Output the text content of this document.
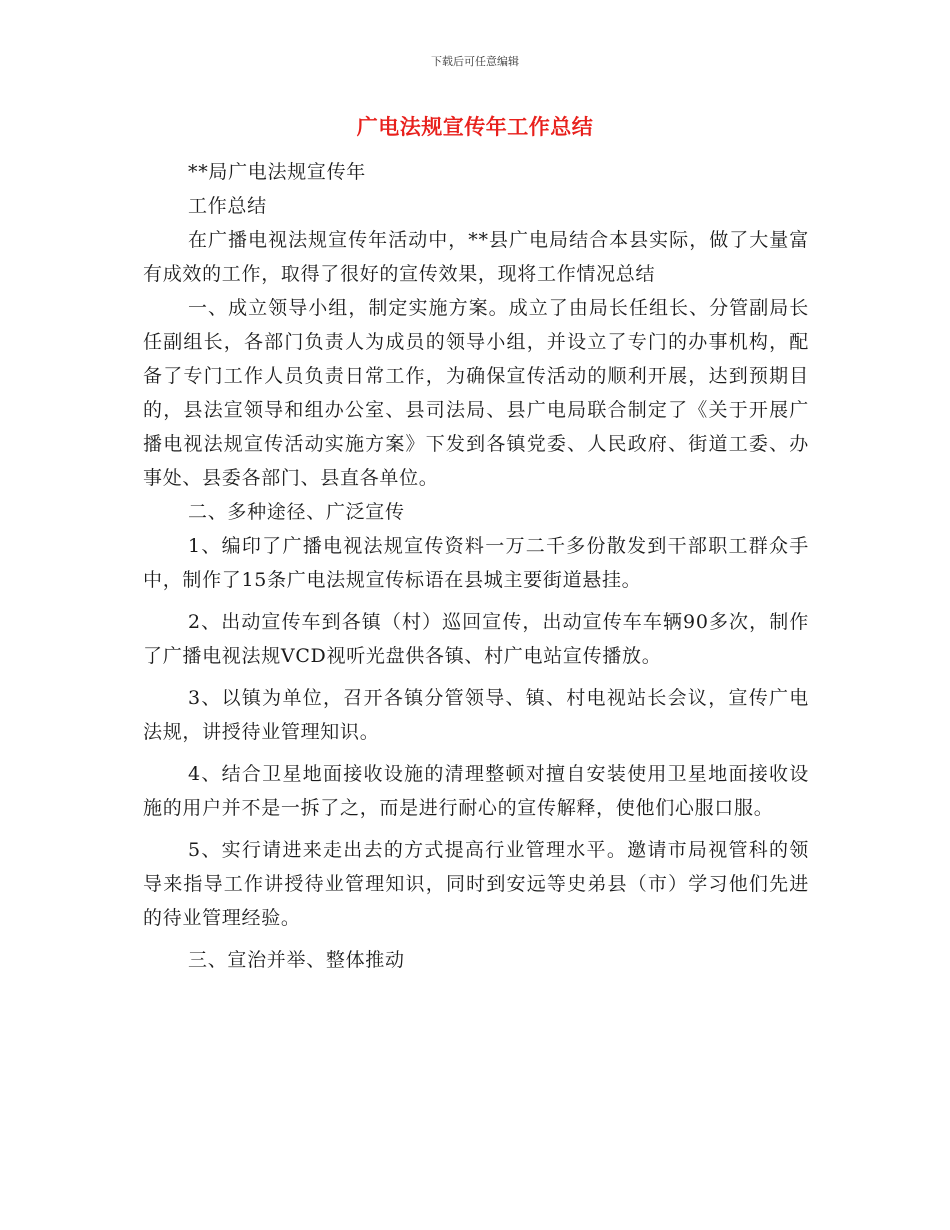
下载后可任意编辑
广电法规宣传年工作总结

**局广电法规宣传年

工作总结

在广播电视法规宣传年活动中，**县广电局结合本县实际，做了大量富有成效的工作，取得了很好的宣传效果，现将工作情况总结

一、成立领导小组，制定实施方案。成立了由局长任组长、分管副局长任副组长，各部门负责人为成员的领导小组，并设立了专门的办事机构，配备了专门工作人员负责日常工作，为确保宣传活动的顺利开展，达到预期目的，县法宣领导和组办公室、县司法局、县广电局联合制定了《关于开展广播电视法规宣传活动实施方案》下发到各镇党委、人民政府、街道工委、办事处、县委各部门、县直各单位。

二、多种途径、广泛宣传

1、编印了广播电视法规宣传资料一万二千多份散发到干部职工群众手中，制作了15条广电法规宣传标语在县城主要街道悬挂。

2、出动宣传车到各镇（村）巡回宣传，出动宣传车车辆90多次，制作了广播电视法规VCD视听光盘供各镇、村广电站宣传播放。

3、以镇为单位，召开各镇分管领导、镇、村电视站长会议，宣传广电法规，讲授待业管理知识。

4、结合卫星地面接收设施的清理整顿对擅自安装使用卫星地面接收设施的用户并不是一拆了之，而是进行耐心的宣传解释，使他们心服口服。

5、实行请进来走出去的方式提高行业管理水平。邀请市局视管科的领导来指导工作讲授待业管理知识，同时到安远等史弟县（市）学习他们先进的待业管理经验。

三、宣治并举、整体推动
